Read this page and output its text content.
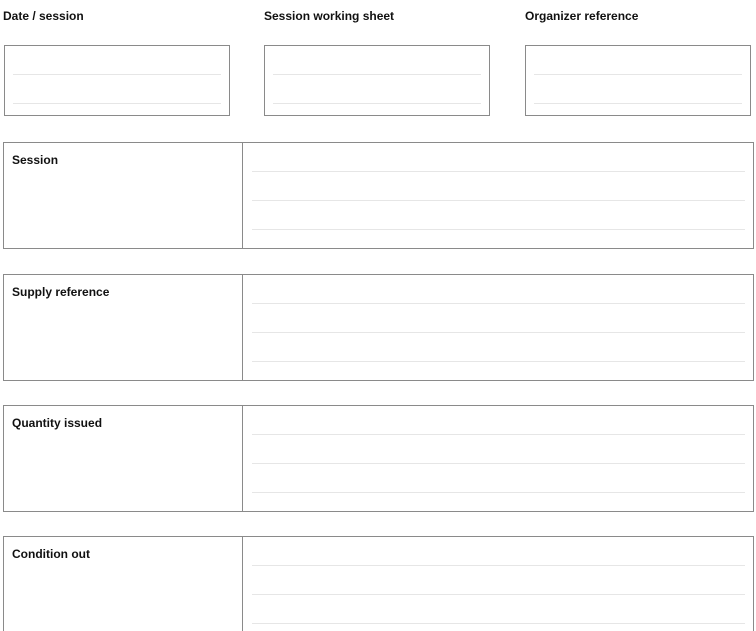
Date / session	Session working sheet	Organizer reference
Session
Supply reference
Quantity issued
Condition out
